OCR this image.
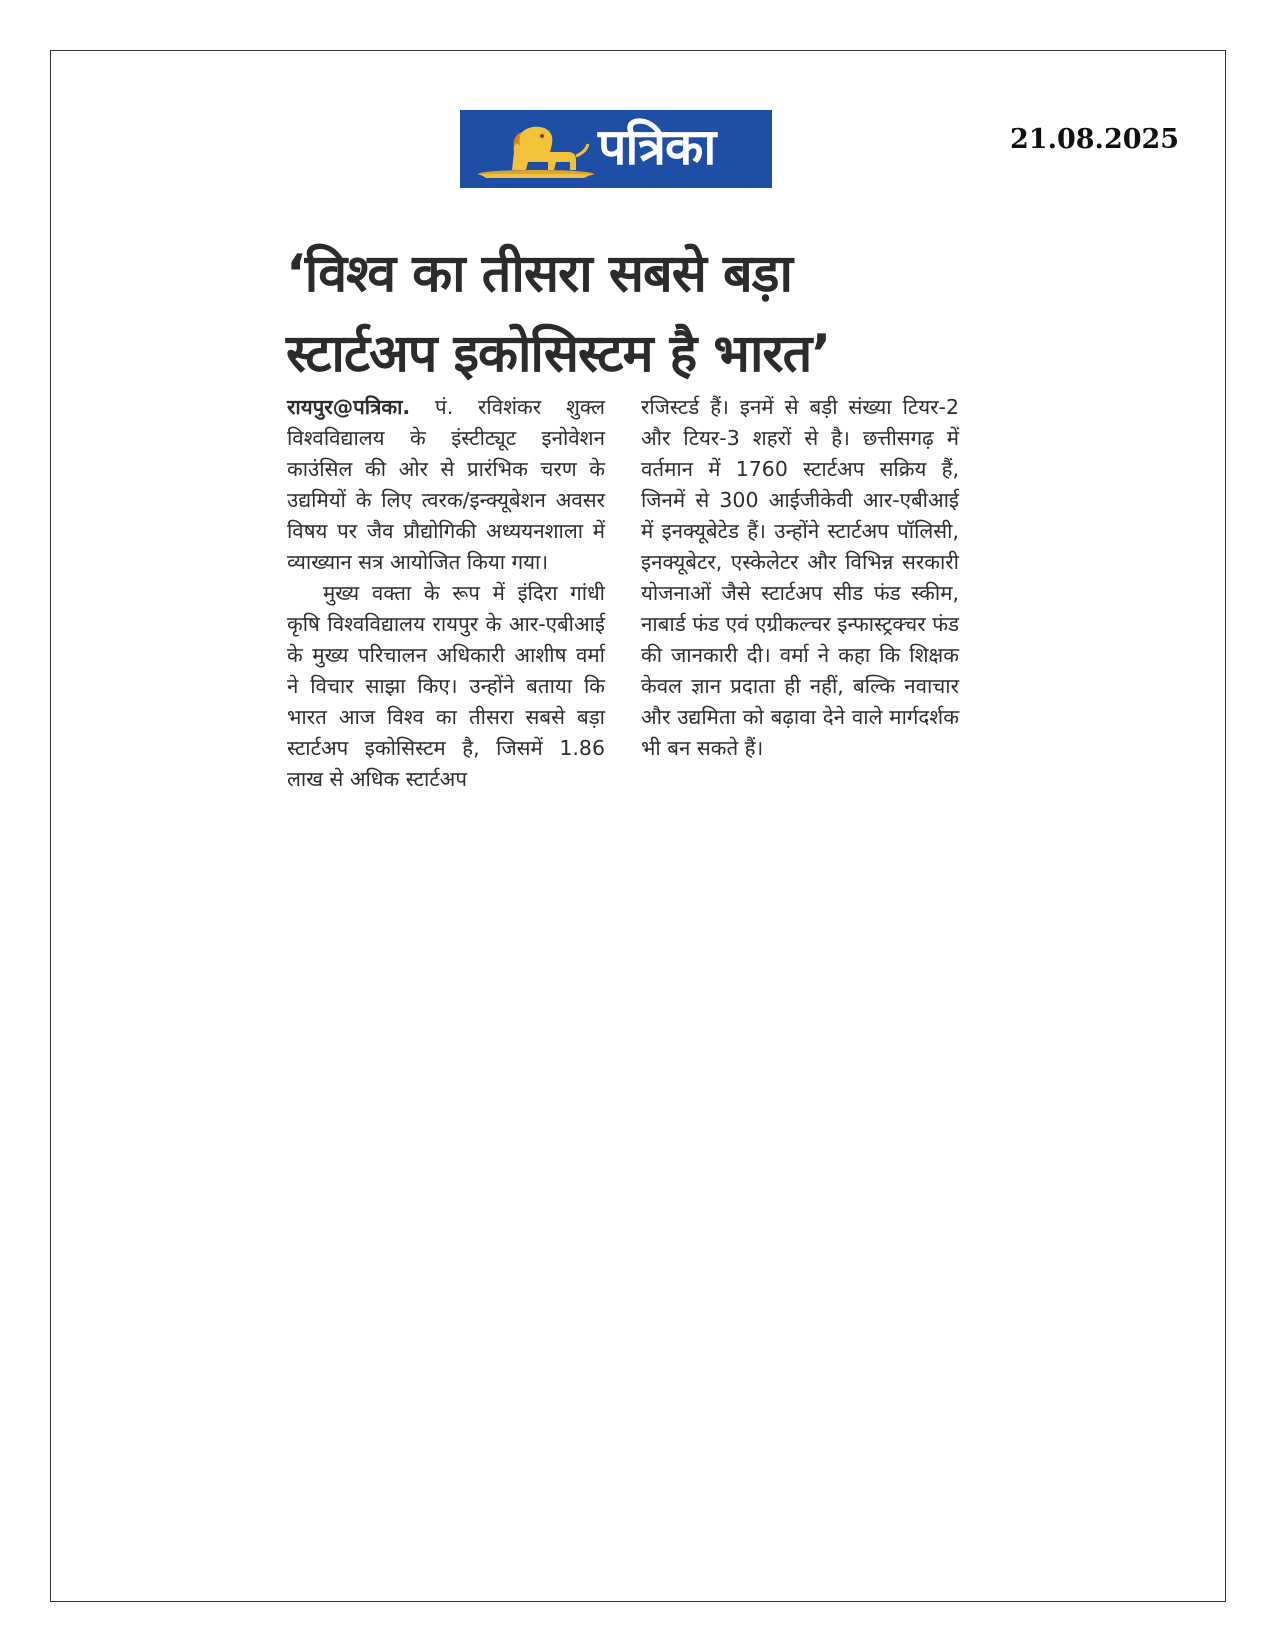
21.08.2025
पत्रिका
‘विश्व का तीसरा सबसे बड़ा
स्टार्टअप इकोसिस्टम है भारत’

रायपुर@पत्रिका. पं. रविशंकर शुक्ल विश्वविद्यालय के इंस्टीट्यूट इनोवेशन काउंसिल की ओर से प्रारंभिक चरण के उद्यमियों के लिए त्वरक/इन्क्यूबेशन अवसर विषय पर जैव प्रौद्योगिकी अध्ययनशाला में व्याख्यान सत्र आयोजित किया गया।

मुख्य वक्ता के रूप में इंदिरा गांधी कृषि विश्वविद्यालय रायपुर के आर-एबीआई के मुख्य परिचालन अधिकारी आशीष वर्मा ने विचार साझा किए। उन्होंने बताया कि भारत आज विश्व का तीसरा सबसे बड़ा स्टार्टअप इकोसिस्टम है, जिसमें 1.86 लाख से अधिक स्टार्टअप

रजिस्टर्ड हैं। इनमें से बड़ी संख्या टियर-2 और टियर-3 शहरों से है। छत्तीसगढ़ में वर्तमान में 1760 स्टार्टअप सक्रिय हैं, जिनमें से 300 आईजीकेवी आर-एबीआई में इनक्यूबेटेड हैं। उन्होंने स्टार्टअप पॉलिसी, इनक्यूबेटर, एस्केलेटर और विभिन्न सरकारी योजनाओं जैसे स्टार्टअप सीड फंड स्कीम, नाबार्ड फंड एवं एग्रीकल्चर इन्फास्ट्रक्चर फंड की जानकारी दी। वर्मा ने कहा कि शिक्षक केवल ज्ञान प्रदाता ही नहीं, बल्कि नवाचार और उद्यमिता को बढ़ावा देने वाले मार्गदर्शक भी बन सकते हैं।
